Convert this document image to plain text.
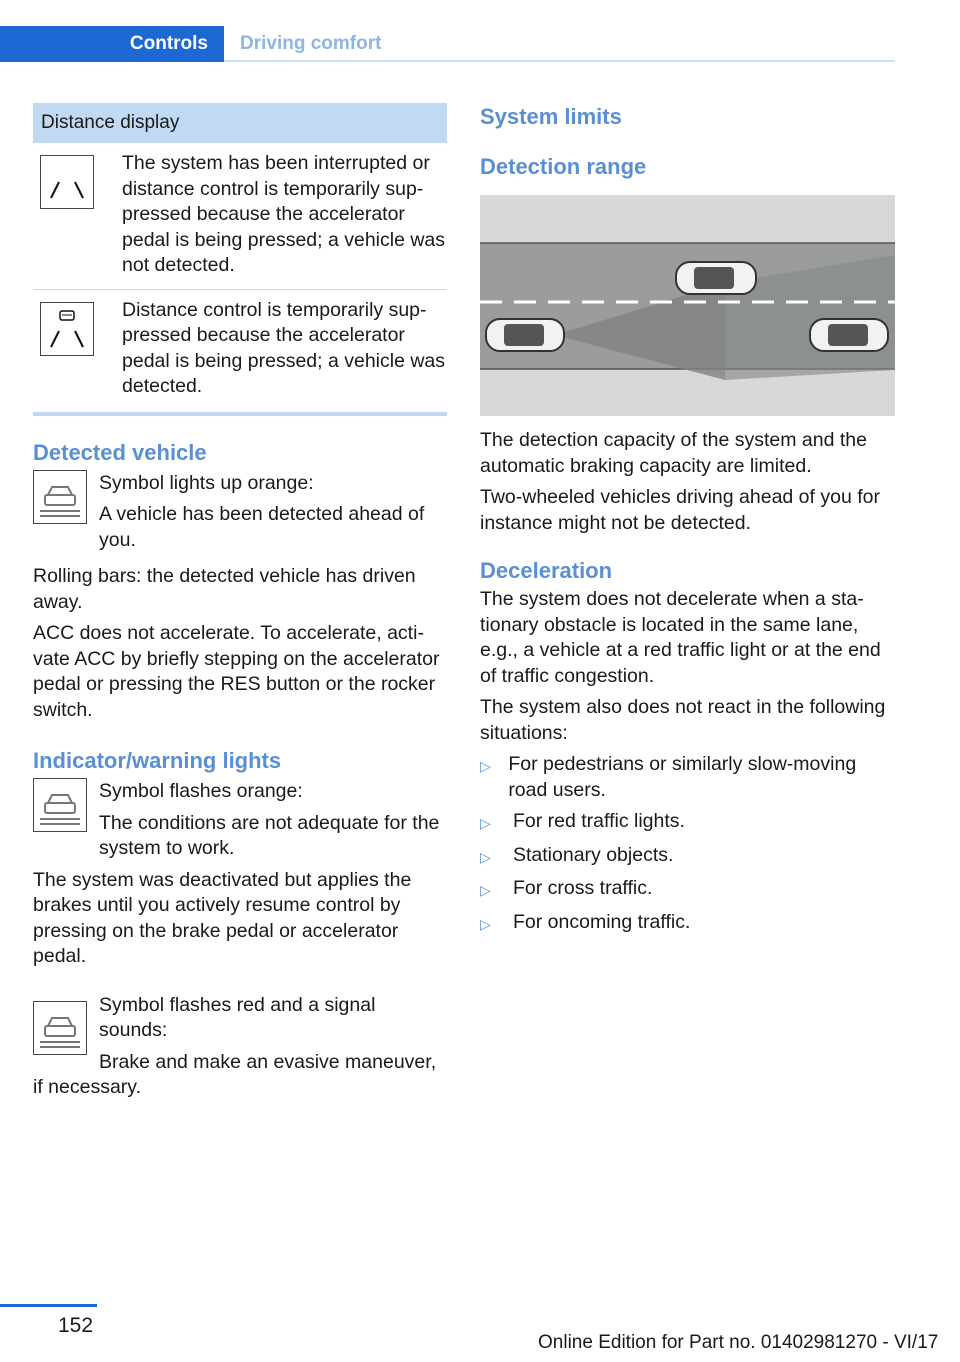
Controls	Driving comfort
Distance display
The system has been interrupted or distance control is temporarily suppressed because the accelerator pedal is being pressed; a vehicle was not detected.
Distance control is temporarily suppressed because the accelerator pedal is being pressed; a vehicle was detected.
Detected vehicle

Symbol lights up orange:

A vehicle has been detected ahead of you.

Rolling bars: the detected vehicle has driven away.

ACC does not accelerate. To accelerate, activate ACC by briefly stepping on the accelerator pedal or pressing the RES button or the rocker switch.

Indicator/warning lights

Symbol flashes orange:

The conditions are not adequate for the system to work.

The system was deactivated but applies the brakes until you actively resume control by pressing on the brake pedal or accelerator pedal.

Symbol flashes red and a signal sounds:

Brake and make an evasive maneuver, if necessary.

System limits
Detection range

The detection capacity of the system and the automatic braking capacity are limited.

Two-wheeled vehicles driving ahead of you for instance might not be detected.

Deceleration

The system does not decelerate when a stationary obstacle is located in the same lane, e.g., a vehicle at a red traffic light or at the end of traffic congestion.

The system also does not react in the following situations:

▷ For pedestrians or similarly slow-moving road users.
▷	For red traffic lights.
▷	Stationary objects.
▷	For cross traffic.
▷	For oncoming traffic.
152
Online Edition for Part no. 01402981270 - VI/17
